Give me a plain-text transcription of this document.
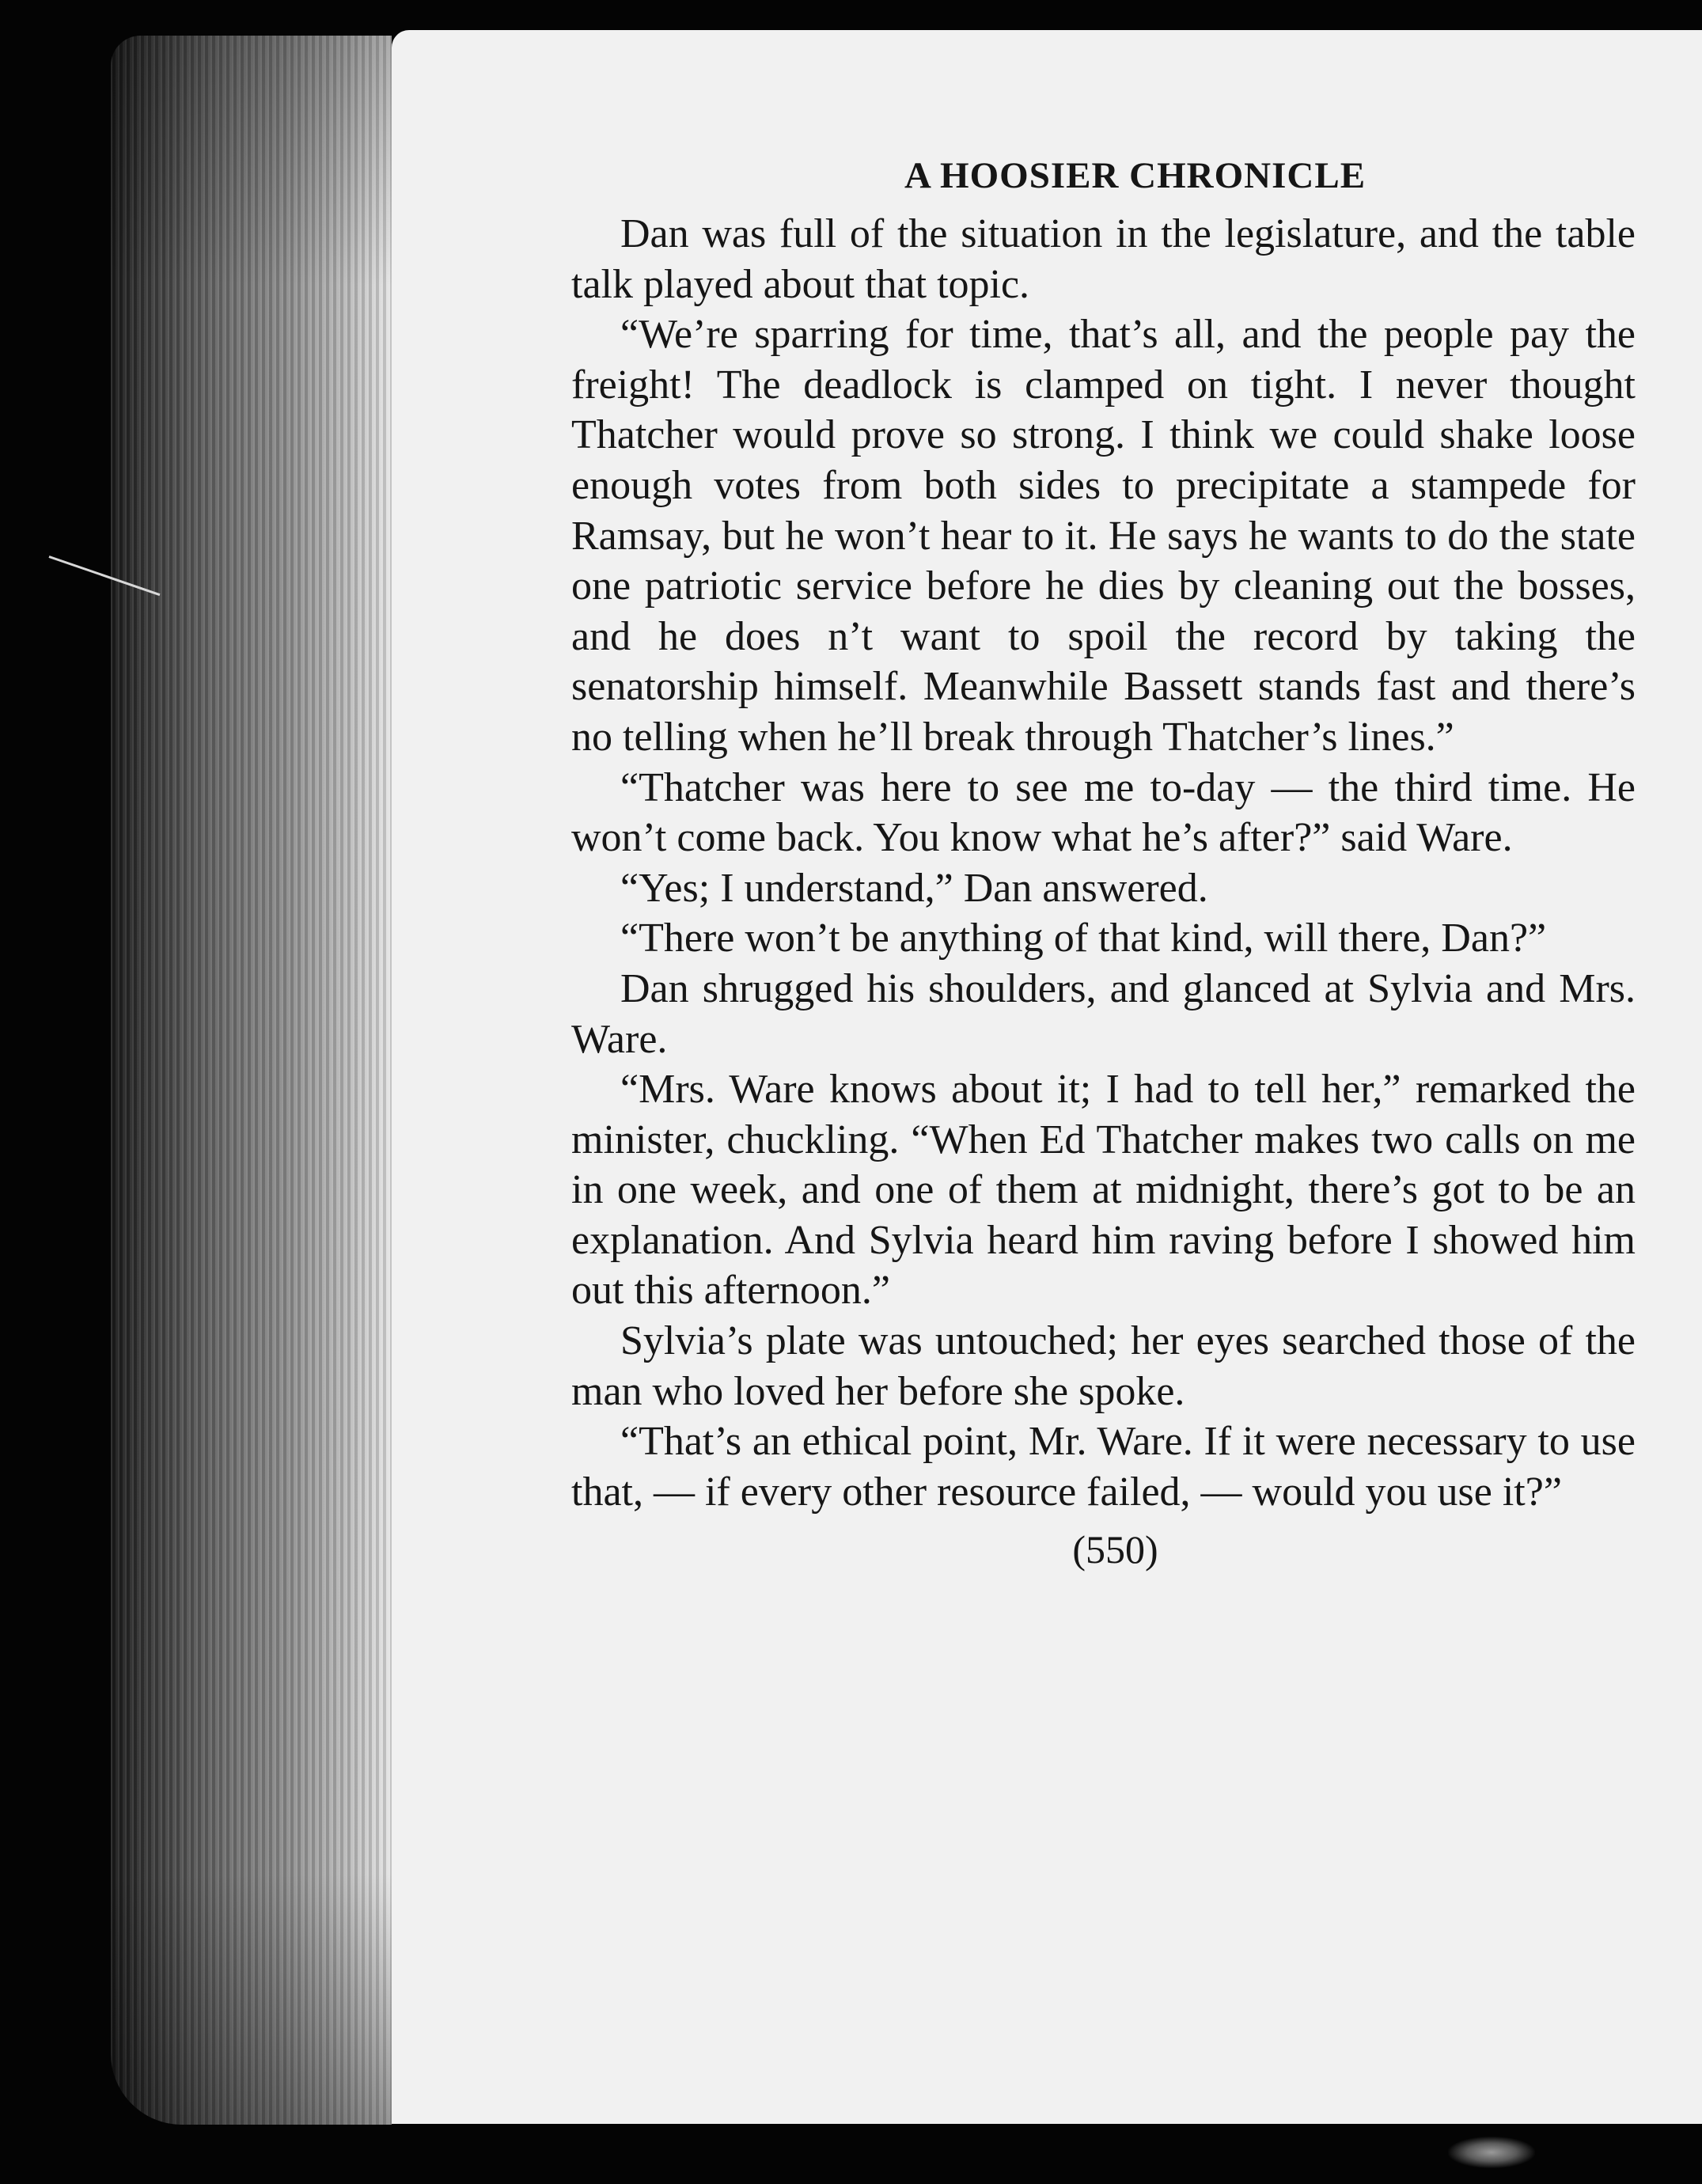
A HOOSIER CHRONICLE

Dan was full of the situation in the legislature, and the table talk played about that topic.

“We’re sparring for time, that’s all, and the people pay the freight! The deadlock is clamped on tight. I never thought Thatcher would prove so strong. I think we could shake loose enough votes from both sides to precipitate a stampede for Ramsay, but he won’t hear to it. He says he wants to do the state one patriotic service before he dies by cleaning out the bosses, and he does n’t want to spoil the record by taking the senatorship himself. Meanwhile Bassett stands fast and there’s no telling when he’ll break through Thatcher’s lines.”

“Thatcher was here to see me to-day — the third time. He won’t come back. You know what he’s after?” said Ware.

“Yes; I understand,” Dan answered.

“There won’t be anything of that kind, will there, Dan?”

Dan shrugged his shoulders, and glanced at Sylvia and Mrs. Ware.

“Mrs. Ware knows about it; I had to tell her,” remarked the minister, chuckling. “When Ed Thatcher makes two calls on me in one week, and one of them at midnight, there’s got to be an explanation. And Sylvia heard him raving before I showed him out this afternoon.”

Sylvia’s plate was untouched; her eyes searched those of the man who loved her before she spoke.

“That’s an ethical point, Mr. Ware. If it were necessary to use that, — if every other resource failed, — would you use it?”

(550)
